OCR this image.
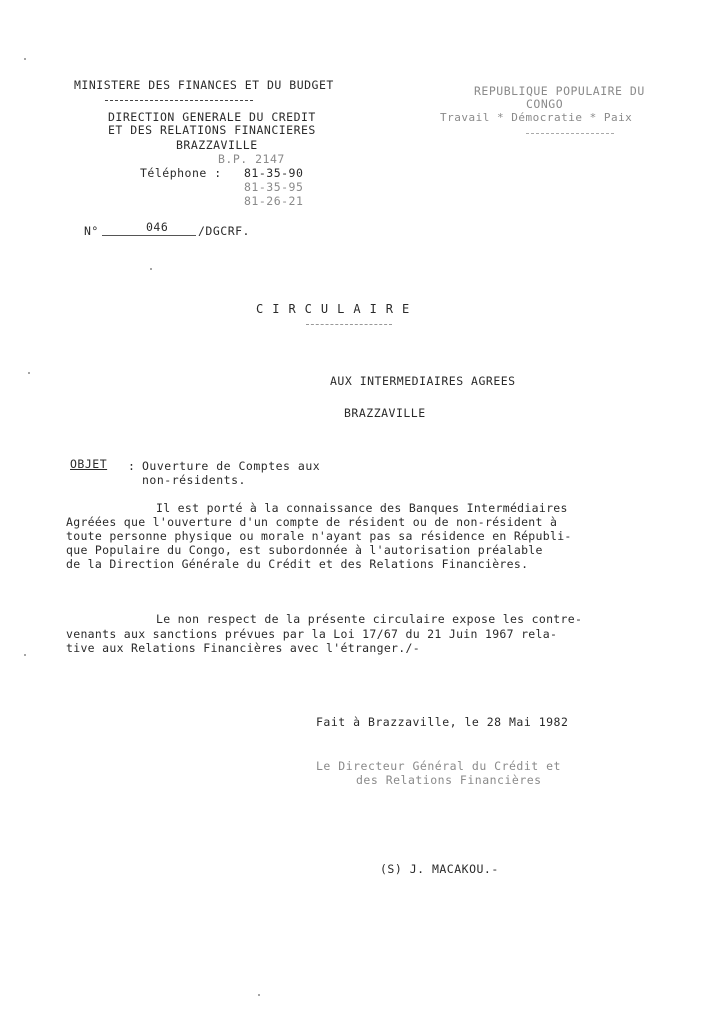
MINISTERE DES FINANCES ET DU BUDGET
DIRECTION GENERALE DU CREDIT
ET DES RELATIONS FINANCIERES
BRAZZAVILLE
B.P. 2147
Téléphone : 81-35-90
81-35-95
81-26-21
REPUBLIQUE POPULAIRE DU
CONGO
Travail * Démocratie * Paix
N°	046	/DGCRF.
CIRCULAIRE
AUX INTERMEDIAIRES AGREES
BRAZZAVILLE
OBJET : Ouverture de Comptes aux
non-résidents.
Il est porté à la connaissance des Banques Intermédiaires
Agréées que l'ouverture d'un compte de résident ou de non-résident à
toute personne physique ou morale n'ayant pas sa résidence en Républi-
que Populaire du Congo, est subordonnée à l'autorisation préalable
de la Direction Générale du Crédit et des Relations Financières.
Le non respect de la présente circulaire expose les contre-
venants aux sanctions prévues par la Loi 17/67 du 21 Juin 1967 rela-
tive aux Relations Financières avec l'étranger./-
Fait à Brazzaville, le 28 Mai 1982
Le Directeur Général du Crédit et
des Relations Financières
(S) J. MACAKOU.-
